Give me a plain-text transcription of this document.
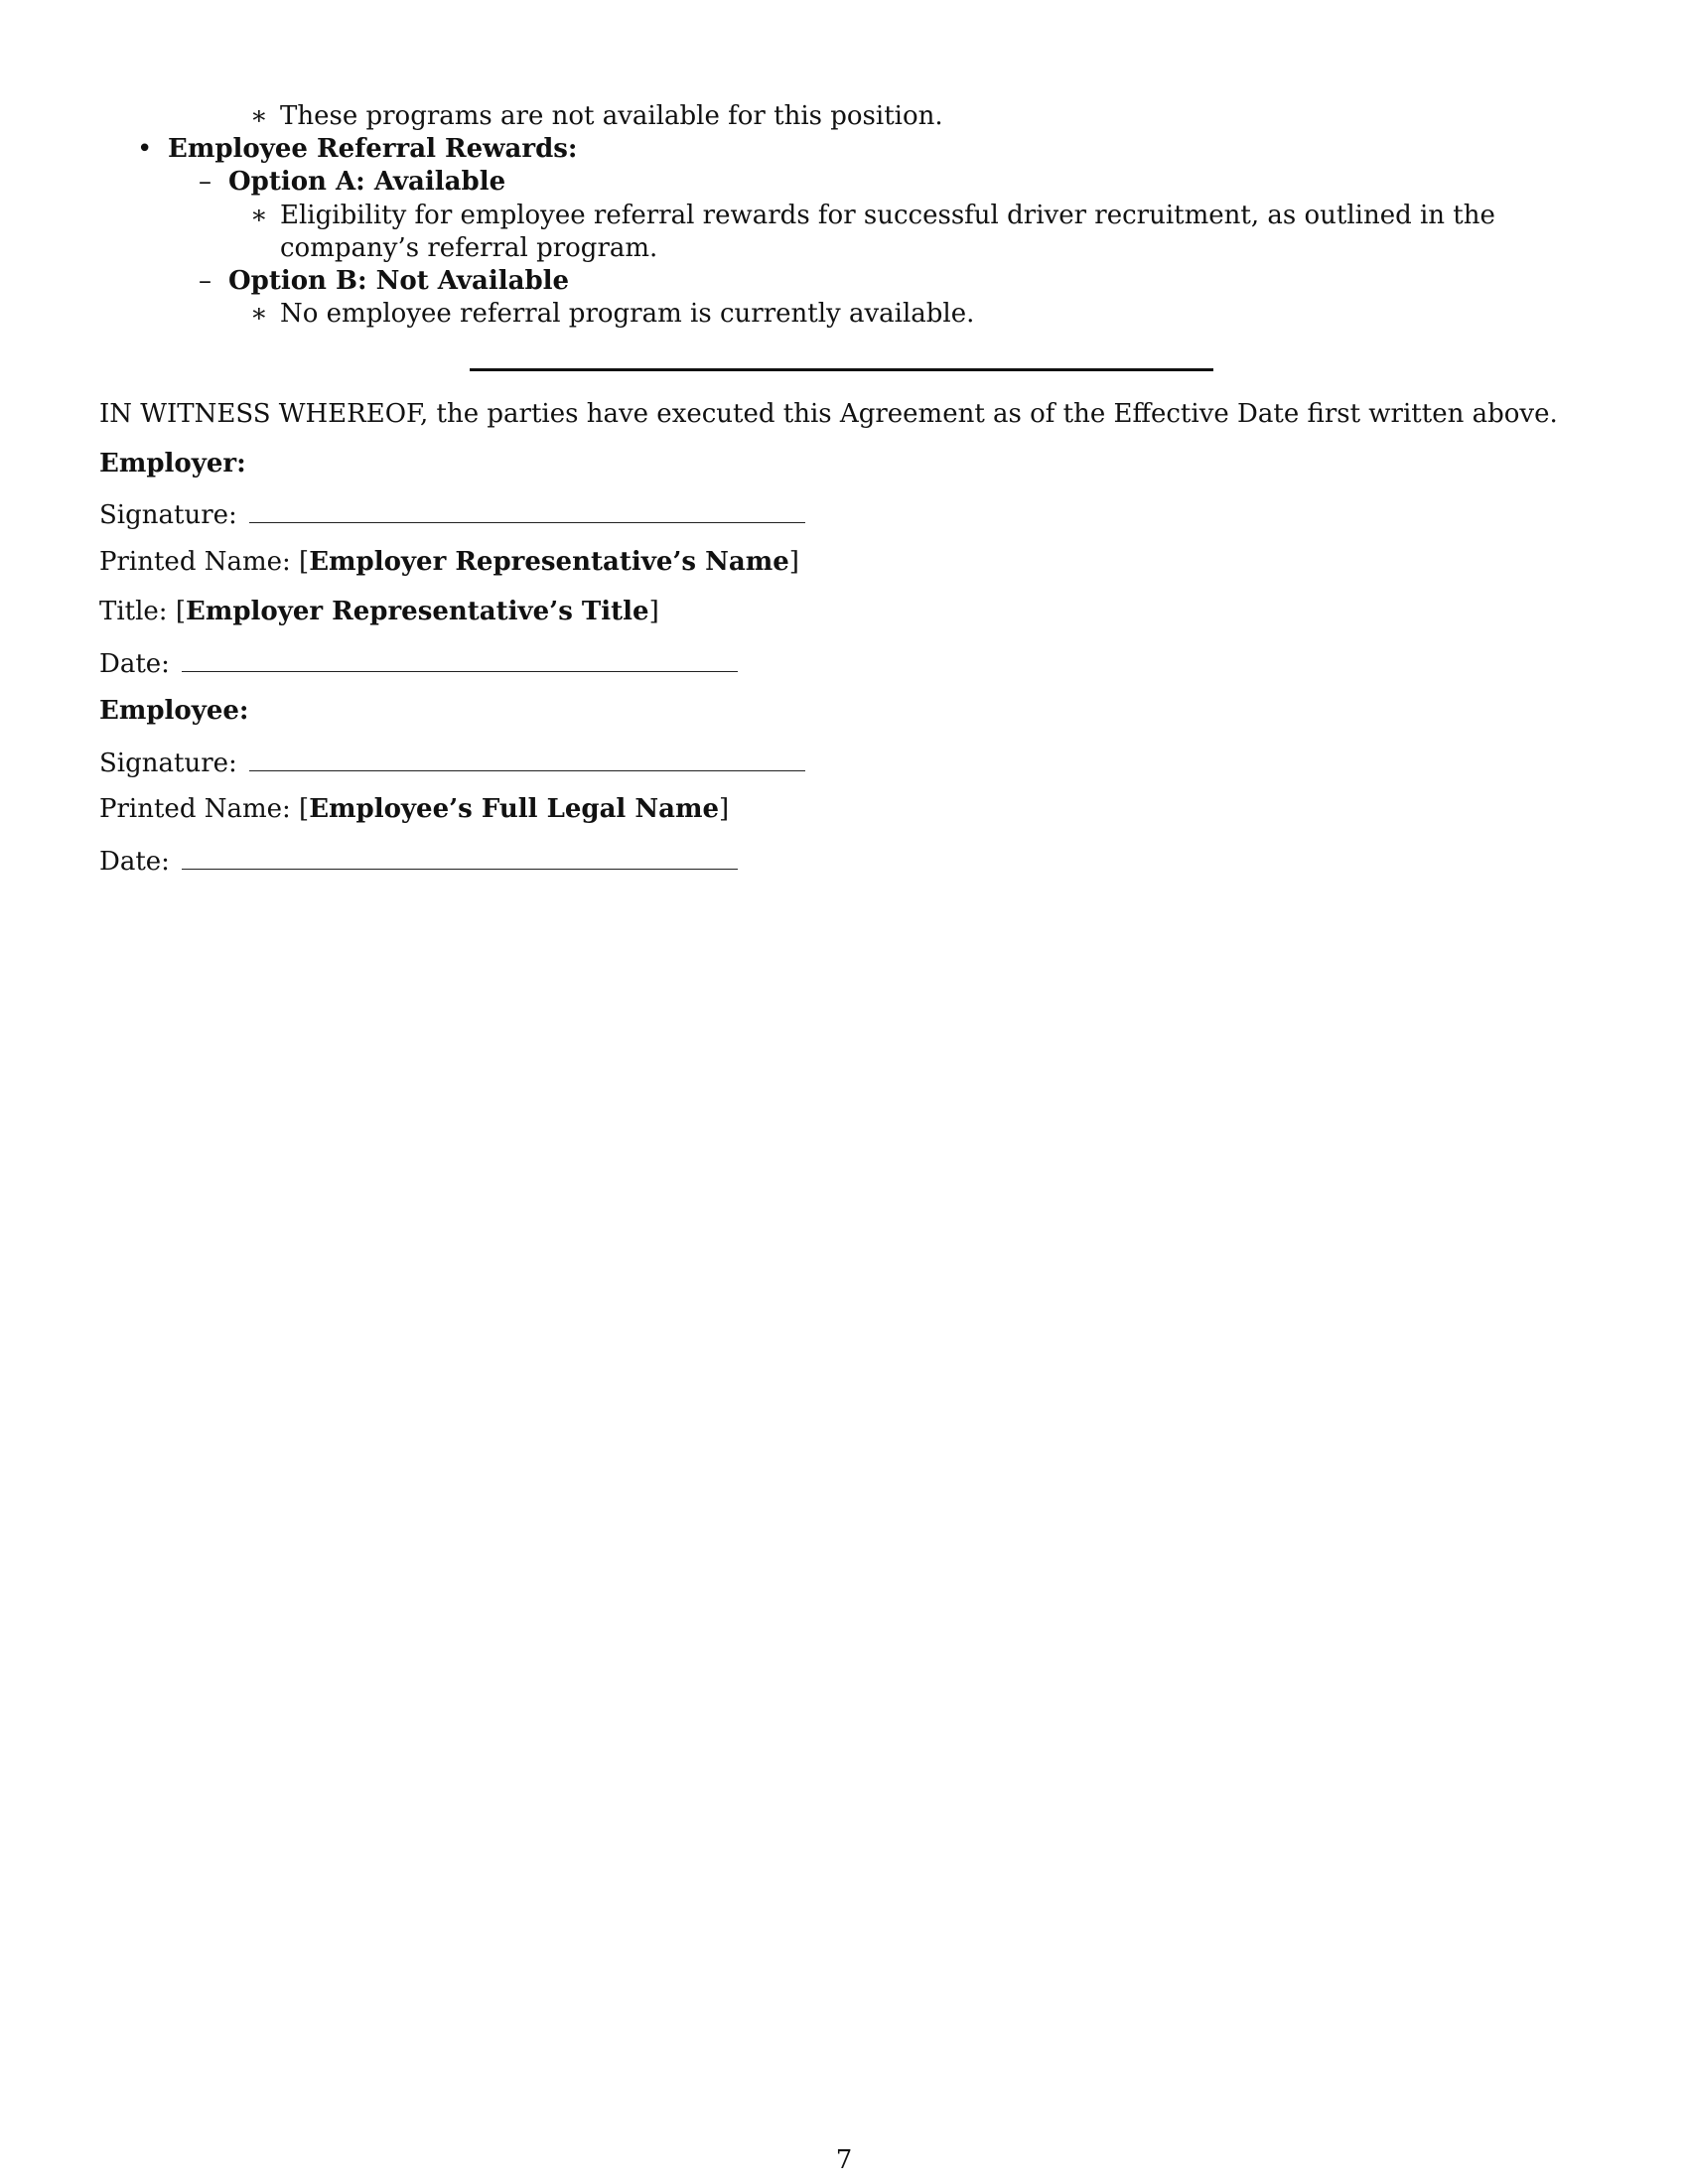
∗ These programs are not available for this position.
• Employee Referral Rewards:
– Option A: Available
∗ Eligibility for employee referral rewards for successful driver recruitment, as outlined in the company’s referral program.
– Option B: Not Available
∗ No employee referral program is currently available.
IN WITNESS WHEREOF, the parties have executed this Agreement as of the Effective Date first written above.
Employer:
Signature:
Printed Name: [Employer Representative’s Name]
Title: [Employer Representative’s Title]
Date:
Employee:
Signature:
Printed Name: [Employee’s Full Legal Name]
Date:
7
